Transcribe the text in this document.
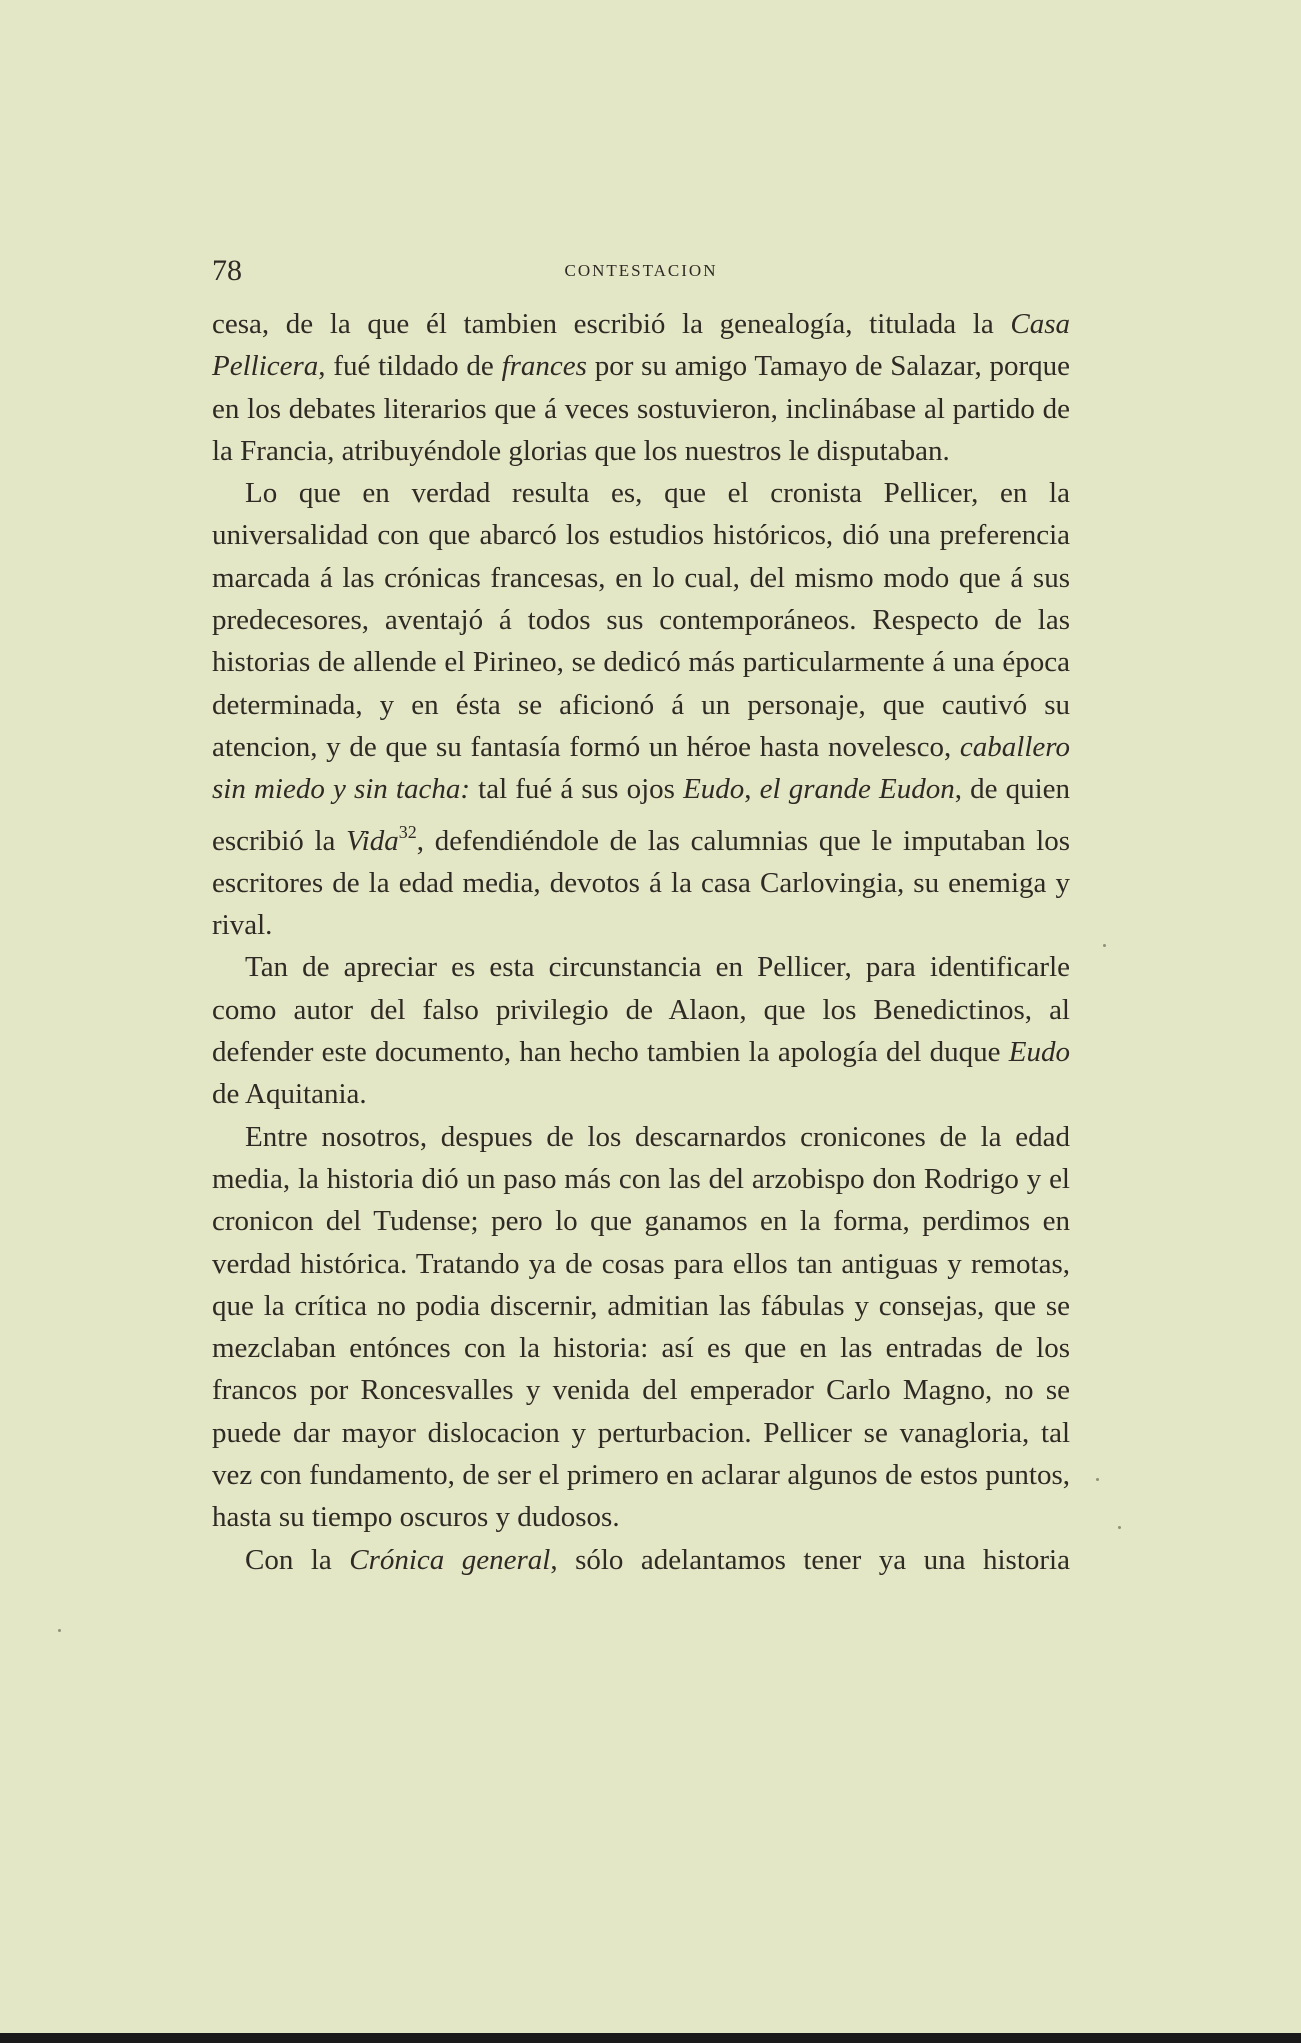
78	CONTESTACION

cesa, de la que él tambien escribió la genealogía, titulada la Casa Pellicera, fué tildado de frances por su amigo Tamayo de Salazar, porque en los debates literarios que á veces sostuvieron, inclinábase al partido de la Francia, atribuyéndole glorias que los nuestros le disputaban.

Lo que en verdad resulta es, que el cronista Pellicer, en la universalidad con que abarcó los estudios históricos, dió una preferencia marcada á las crónicas francesas, en lo cual, del mismo modo que á sus predecesores, aventajó á todos sus contemporáneos. Respecto de las historias de allende el Pirineo, se dedicó más particularmente á una época determinada, y en ésta se aficionó á un personaje, que cautivó su atencion, y de que su fantasía formó un héroe hasta novelesco, caballero sin miedo y sin tacha: tal fué á sus ojos Eudo, el grande Eudon, de quien escribió la Vida$^{32}$, defendiéndole de las calumnias que le imputaban los escritores de la edad media, devotos á la casa Carlovingia, su enemiga y rival.

Tan de apreciar es esta circunstancia en Pellicer, para identificarle como autor del falso privilegio de Alaon, que los Benedictinos, al defender este documento, han hecho tambien la apología del duque Eudo de Aquitania.

Entre nosotros, despues de los descarnardos cronicones de la edad media, la historia dió un paso más con las del arzobispo don Rodrigo y el cronicon del Tudense; pero lo que ganamos en la forma, perdimos en verdad histórica. Tratando ya de cosas para ellos tan antiguas y remotas, que la crítica no podia discernir, admitian las fábulas y consejas, que se mezclaban entónces con la historia: así es que en las entradas de los francos por Roncesvalles y venida del emperador Carlo Magno, no se puede dar mayor dislocacion y perturbacion. Pellicer se vanagloria, tal vez con fundamento, de ser el primero en aclarar algunos de estos puntos, hasta su tiempo oscuros y dudosos.

Con la Crónica general, sólo adelantamos tener ya una historia
